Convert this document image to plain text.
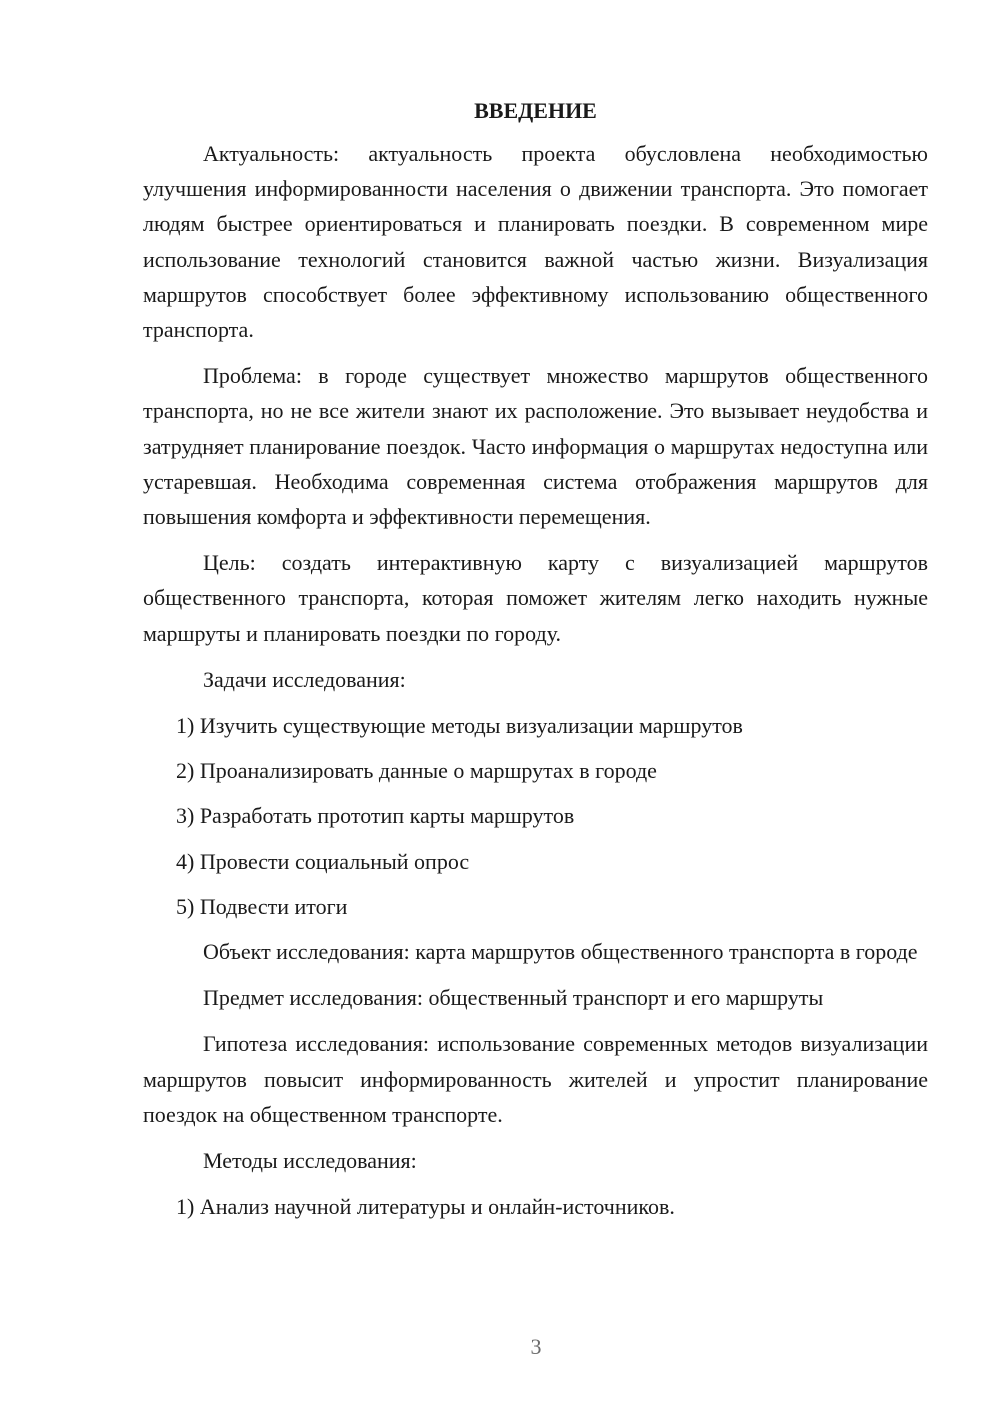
ВВЕДЕНИЕ

Актуальность: актуальность проекта обусловлена необходимостью улучшения информированности населения о движении транспорта. Это помогает людям быстрее ориентироваться и планировать поездки. В современном мире использование технологий становится важной частью жизни. Визуализация маршрутов способствует более эффективному использованию общественного транспорта.

Проблема: в городе существует множество маршрутов общественного транспорта, но не все жители знают их расположение. Это вызывает неудобства и затрудняет планирование поездок. Часто информация о маршрутах недоступна или устаревшая. Необходима современная система отображения маршрутов для повышения комфорта и эффективности перемещения.

Цель: создать интерактивную карту с визуализацией маршрутов общественного транспорта, которая поможет жителям легко находить нужные маршруты и планировать поездки по городу.

Задачи исследования:

1) Изучить существующие методы визуализации маршрутов
2) Проанализировать данные о маршрутах в городе
3) Разработать прототип карты маршрутов
4) Провести социальный опрос
5) Подвести итоги

Объект исследования: карта маршрутов общественного транспорта в городе

Предмет исследования: общественный транспорт и его маршруты

Гипотеза исследования: использование современных методов визуализации маршрутов повысит информированность жителей и упростит планирование поездок на общественном транспорте.

Методы исследования:

1) Анализ научной литературы и онлайн-источников.
3
